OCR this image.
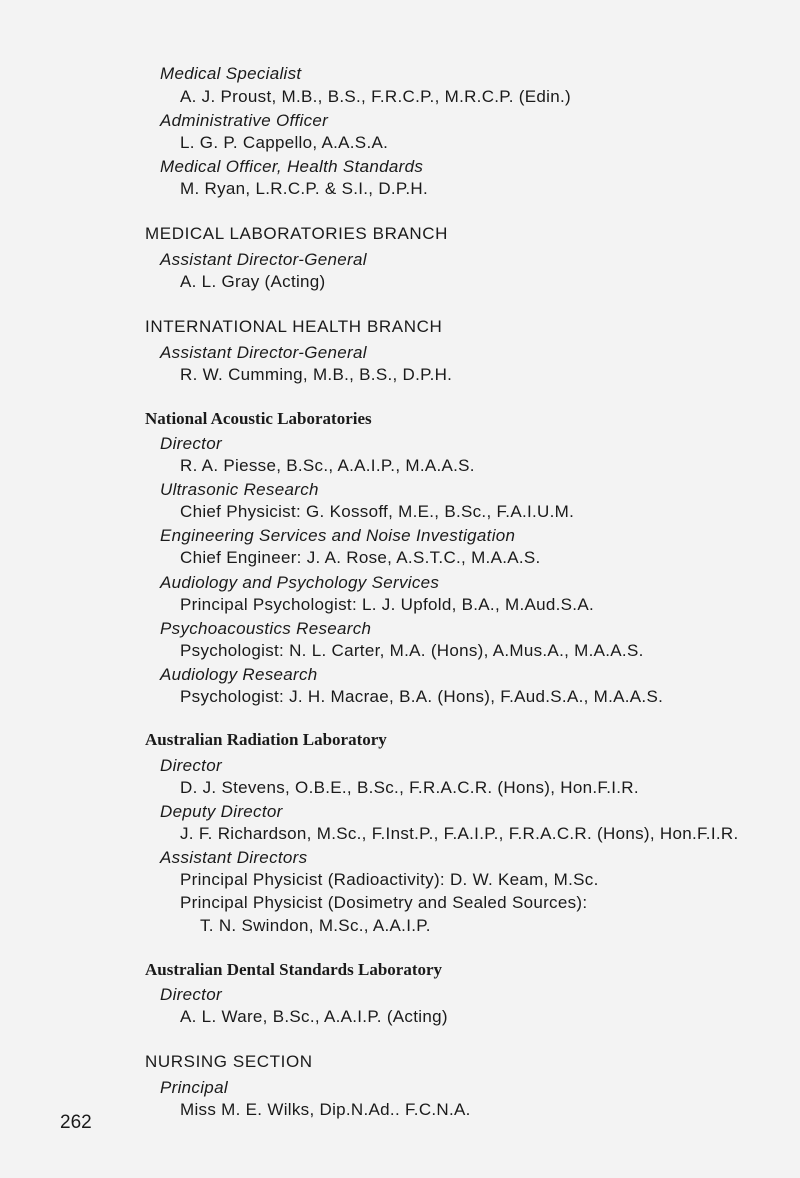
Medical Specialist
A. J. Proust, M.B., B.S., F.R.C.P., M.R.C.P. (Edin.)
Administrative Officer
L. G. P. Cappello, A.A.S.A.
Medical Officer, Health Standards
M. Ryan, L.R.C.P. & S.I., D.P.H.
MEDICAL LABORATORIES BRANCH
Assistant Director-General
A. L. Gray (Acting)
INTERNATIONAL HEALTH BRANCH
Assistant Director-General
R. W. Cumming, M.B., B.S., D.P.H.
National Acoustic Laboratories
Director
R. A. Piesse, B.Sc., A.A.I.P., M.A.A.S.
Ultrasonic Research
Chief Physicist: G. Kossoff, M.E., B.Sc., F.A.I.U.M.
Engineering Services and Noise Investigation
Chief Engineer: J. A. Rose, A.S.T.C., M.A.A.S.
Audiology and Psychology Services
Principal Psychologist: L. J. Upfold, B.A., M.Aud.S.A.
Psychoacoustics Research
Psychologist: N. L. Carter, M.A. (Hons), A.Mus.A., M.A.A.S.
Audiology Research
Psychologist: J. H. Macrae, B.A. (Hons), F.Aud.S.A., M.A.A.S.
Australian Radiation Laboratory
Director
D. J. Stevens, O.B.E., B.Sc., F.R.A.C.R. (Hons), Hon.F.I.R.
Deputy Director
J. F. Richardson, M.Sc., F.Inst.P., F.A.I.P., F.R.A.C.R. (Hons), Hon.F.I.R.
Assistant Directors
Principal Physicist (Radioactivity): D. W. Keam, M.Sc.
Principal Physicist (Dosimetry and Sealed Sources):
T. N. Swindon, M.Sc., A.A.I.P.
Australian Dental Standards Laboratory
Director
A. L. Ware, B.Sc., A.A.I.P. (Acting)
NURSING SECTION
Principal
Miss M. E. Wilks, Dip.N.Ad.. F.C.N.A.
262
